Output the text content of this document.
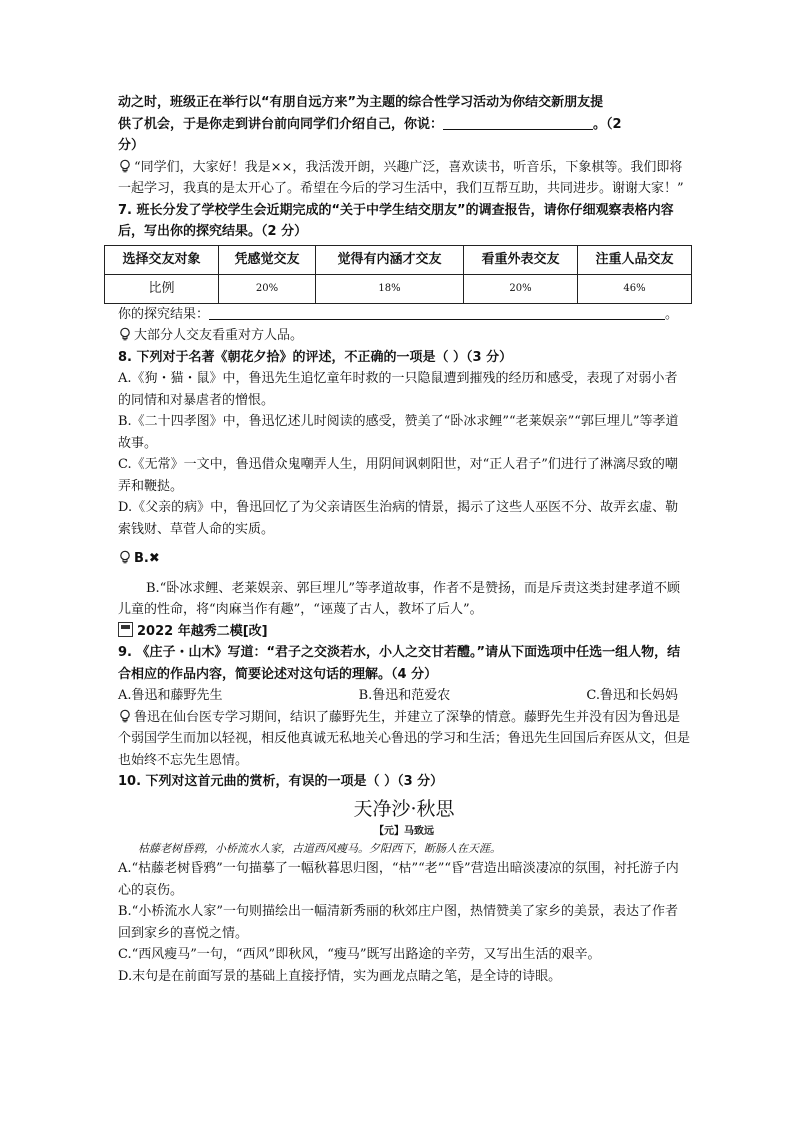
动之时，班级正在举行以“有朋自远方来”为主题的综合性学习活动为你结交新朋友提

供了机会，于是你走到讲台前向同学们介绍自己，你说：	。（2

分）

“同学们，大家好！我是××，我活泼开朗，兴趣广泛，喜欢读书，听音乐，下象棋等。我们即将一起学习，我真的是太开心了。希望在今后的学习生活中，我们互帮互助，共同进步。谢谢大家！”

7. 班长分发了学校学生会近期完成的“关于中学生结交朋友”的调查报告，请你仔细观察表格内容后，写出你的探究结果。（2 分）

选择交友对象	凭感觉交友	觉得有内涵才交友	看重外表交友	注重人品交友
比例	20%	18%	20%	46%

你的探究结果：	。

大部分人交友看重对方人品。

8. 下列对于名著《朝花夕拾》的评述，不正确的一项是（ ）（3 分）

A.《狗・猫・鼠》中，鲁迅先生追忆童年时救的一只隐鼠遭到摧残的经历和感受，表现了对弱小者的同情和对暴虐者的憎恨。

B.《二十四孝图》中，鲁迅忆述儿时阅读的感受，赞美了“卧冰求鲤”“老莱娱亲”“郭巨埋儿”等孝道故事。

C.《无常》一文中，鲁迅借众鬼嘲弄人生，用阴间讽刺阳世，对“正人君子”们进行了淋漓尽致的嘲弄和鞭挞。

D.《父亲的病》中，鲁迅回忆了为父亲请医生治病的情景，揭示了这些人巫医不分、故弄玄虚、勒索钱财、草菅人命的实质。

B.✖

B.“卧冰求鲤、老莱娱亲、郭巨埋儿”等孝道故事，作者不是赞扬，而是斥责这类封建孝道不顾儿童的性命，将“肉麻当作有趣”，“诬蔑了古人，教坏了后人”。

2022 年越秀二模[改]

9. 《庄子・山木》写道：“君子之交淡若水，小人之交甘若醴。”请从下面选项中任选一组人物，结合相应的作品内容，简要论述对这句话的理解。（4 分）

A.鲁迅和藤野先生	B.鲁迅和范爱农	C.鲁迅和长妈妈

鲁迅在仙台医专学习期间，结识了藤野先生，并建立了深挚的情意。藤野先生并没有因为鲁迅是个弱国学生而加以轻视，相反他真诚无私地关心鲁迅的学习和生活；鲁迅先生回国后弃医从文，但是也始终不忘先生恩情。

10. 下列对这首元曲的赏析，有误的一项是（ ）（3 分）

天净沙·秋思

【元】马致远

枯藤老树昏鸦，小桥流水人家，古道西风瘦马。夕阳西下，断肠人在天涯。

A.“枯藤老树昏鸦”一句描摹了一幅秋暮思归图，“枯”“老”“昏”营造出暗淡凄凉的氛围，衬托游子内心的哀伤。

B.“小桥流水人家”一句则描绘出一幅清新秀丽的秋郊庄户图，热情赞美了家乡的美景，表达了作者回到家乡的喜悦之情。

C.“西风瘦马”一句，“西风”即秋风，“瘦马”既写出路途的辛劳，又写出生活的艰辛。

D.末句是在前面写景的基础上直接抒情，实为画龙点睛之笔，是全诗的诗眼。
